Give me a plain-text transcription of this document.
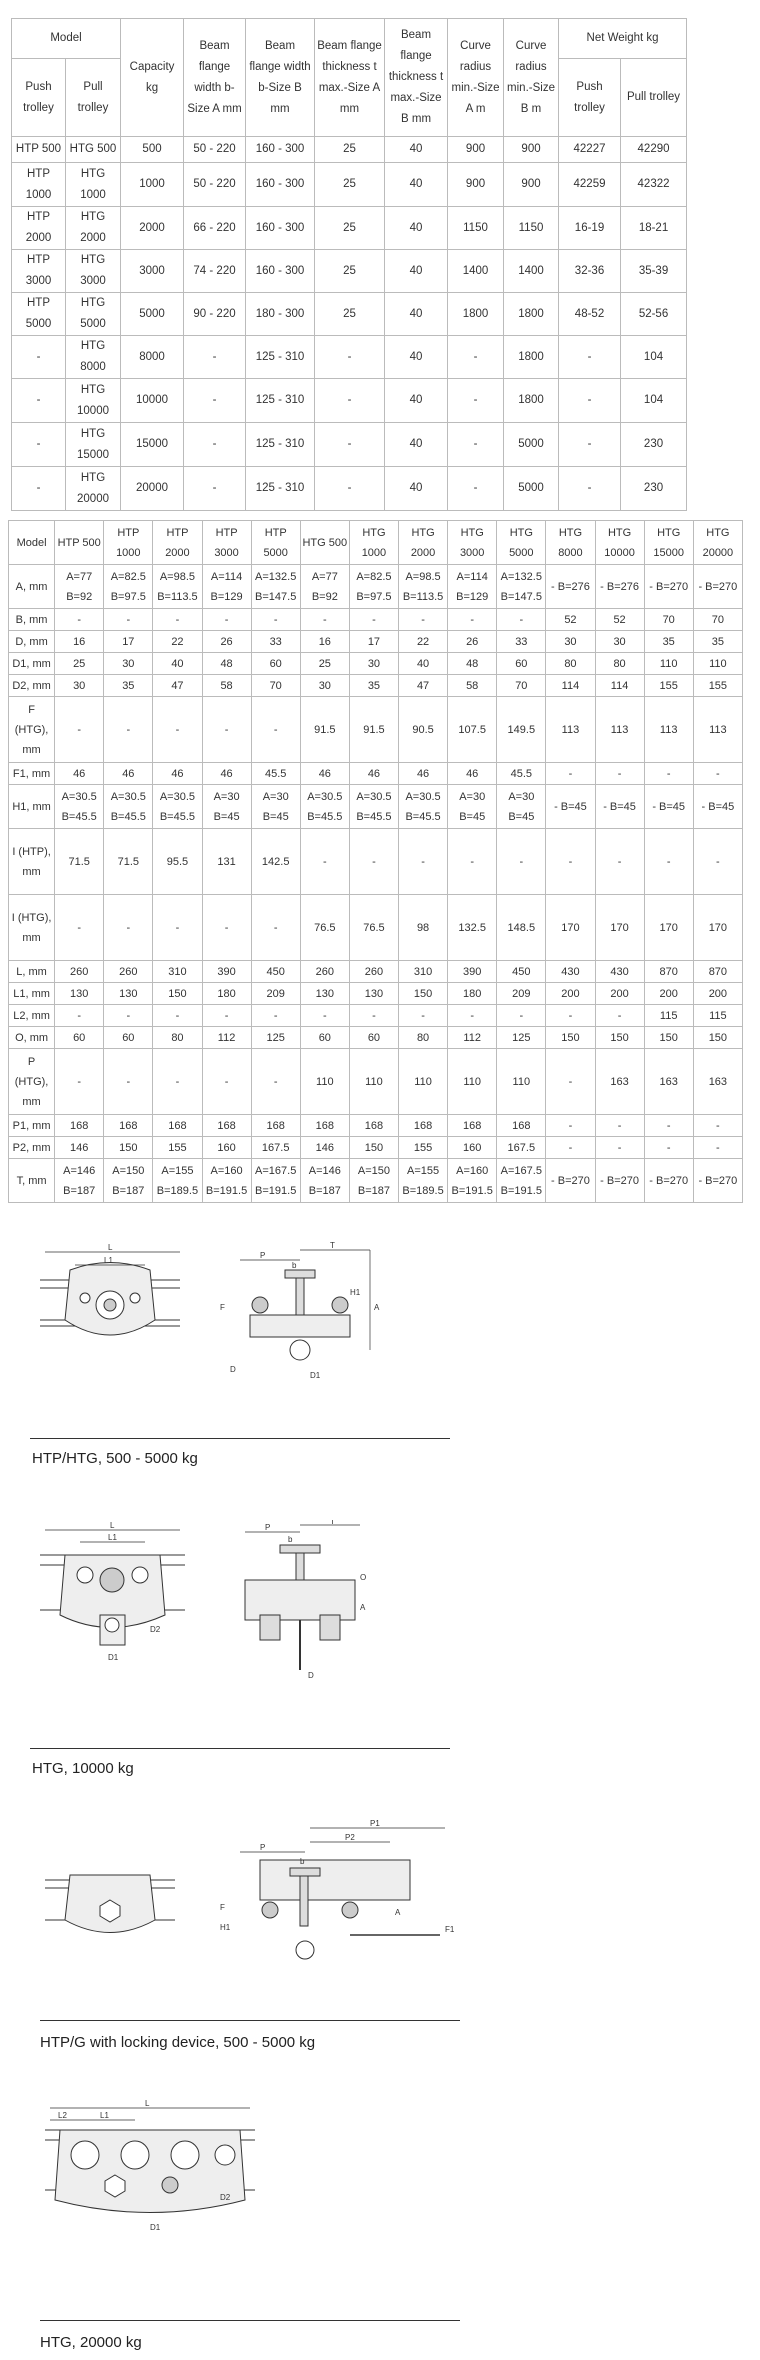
Model		Capacity kg	Beam flange width b-Size A mm	Beam flange width b-Size B mm	Beam flange thickness t max.-Size A mm	Beam flange thickness t max.-Size B mm	Curve radius min.-Size A m	Curve radius min.-Size B m	Net Weight kg	
Push trolley	Pull trolley								Push trolley	Pull trolley
HTP 500	HTG 500	500	50 - 220	160 - 300	25	40	900	900	42227	42290
HTP 1000	HTG 1000	1000	50 - 220	160 - 300	25	40	900	900	42259	42322
HTP 2000	HTG 2000	2000	66 - 220	160 - 300	25	40	1150	1150	16-19	18-21
HTP 3000	HTG 3000	3000	74 - 220	160 - 300	25	40	1400	1400	32-36	35-39
HTP 5000	HTG 5000	5000	90 - 220	180 - 300	25	40	1800	1800	48-52	52-56
-	HTG 8000	8000	-	125 - 310	-	40	-	1800	-	104
-	HTG 10000	10000	-	125 - 310	-	40	-	1800	-	104
-	HTG 15000	15000	-	125 - 310	-	40	-	5000	-	230
-	HTG 20000	20000	-	125 - 310	-	40	-	5000	-	230
Model	HTP 500	HTP 1000	HTP 2000	HTP 3000	HTP 5000	HTG 500	HTG 1000	HTG 2000	HTG 3000	HTG 5000	HTG 8000	HTG 10000	HTG 15000	HTG 20000
A, mm	A=77 B=92	A=82.5 B=97.5	A=98.5 B=113.5	A=114 B=129	A=132.5 B=147.5	A=77 B=92	A=82.5 B=97.5	A=98.5 B=113.5	A=114 B=129	A=132.5 B=147.5	- B=276	- B=276	- B=270	- B=270
B, mm	-	-	-	-	-	-	-	-	-	-	52	52	70	70
D, mm	16	17	22	26	33	16	17	22	26	33	30	30	35	35
D1, mm	25	30	40	48	60	25	30	40	48	60	80	80	110	110
D2, mm	30	35	47	58	70	30	35	47	58	70	114	114	155	155
F (HTG), mm	-	-	-	-	-	91.5	91.5	90.5	107.5	149.5	113	113	113	113
F1, mm	46	46	46	46	45.5	46	46	46	46	45.5	-	-	-	-
H1, mm	A=30.5 B=45.5	A=30.5 B=45.5	A=30.5 B=45.5	A=30 B=45	A=30 B=45	A=30.5 B=45.5	A=30.5 B=45.5	A=30.5 B=45.5	A=30 B=45	A=30 B=45	- B=45	- B=45	- B=45	- B=45
I (HTP), mm	71.5	71.5	95.5	131	142.5	-	-	-	-	-	-	-	-	-
I (HTG), mm	-	-	-	-	-	76.5	76.5	98	132.5	148.5	170	170	170	170
L, mm	260	260	310	390	450	260	260	310	390	450	430	430	870	870
L1, mm	130	130	150	180	209	130	130	150	180	209	200	200	200	200
L2, mm	-	-	-	-	-	-	-	-	-	-	-	-	115	115
O, mm	60	60	80	112	125	60	60	80	112	125	150	150	150	150
P (HTG), mm	-	-	-	-	-	110	110	110	110	110	-	163	163	163
P1, mm	168	168	168	168	168	168	168	168	168	168	-	-	-	-
P2, mm	146	150	155	160	167.5	146	150	155	160	167.5	-	-	-	-
T, mm	A=146 B=187	A=150 B=187	A=155 B=189.5	A=160 B=191.5	A=167.5 B=191.5	A=146 B=187	A=150 B=187	A=155 B=189.5	A=160 B=191.5	A=167.5 B=191.5	- B=270	- B=270	- B=270	- B=270
L
L1
P
b
T
A
H1
F
D1
D
HTP/HTG, 500 - 5000 kg
L
L1
D2
D1
P
b
T
O
A
D
HTG, 10000 kg
P1
P2
P
b
F
H1	F1
A
HTP/G with locking device, 500 - 5000 kg
L
L2	L1
D2
D1
HTG, 20000 kg
